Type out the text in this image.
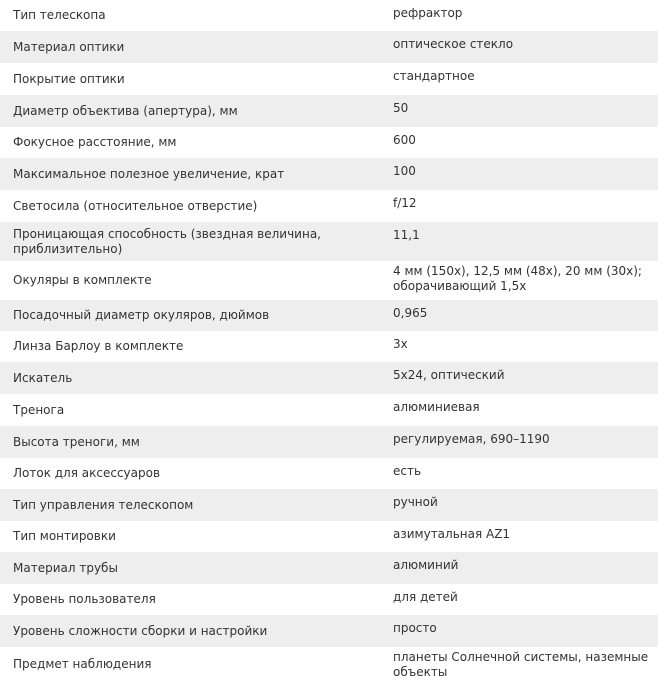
Тип телескопа	рефрактор
Материал оптики	оптическое стекло
Покрытие оптики	стандартное
Диаметр объектива (апертура), мм	50
Фокусное расстояние, мм	600
Максимальное полезное увеличение, крат	100
Светосила (относительное отверстие)	f/12
Проницающая способность (звездная величина, приблизительно)	11,1
Окуляры в комплекте	4 мм (150x), 12,5 мм (48x), 20 мм (30x); оборачивающий 1,5x
Посадочный диаметр окуляров, дюймов	0,965
Линза Барлоу в комплекте	3x
Искатель	5x24, оптический
Тренога	алюминиевая
Высота треноги, мм	регулируемая, 690–1190
Лоток для аксессуаров	есть
Тип управления телескопом	ручной
Тип монтировки	азимутальная AZ1
Материал трубы	алюминий
Уровень пользователя	для детей
Уровень сложности сборки и настройки	просто
Предмет наблюдения	планеты Солнечной системы, наземные объекты
